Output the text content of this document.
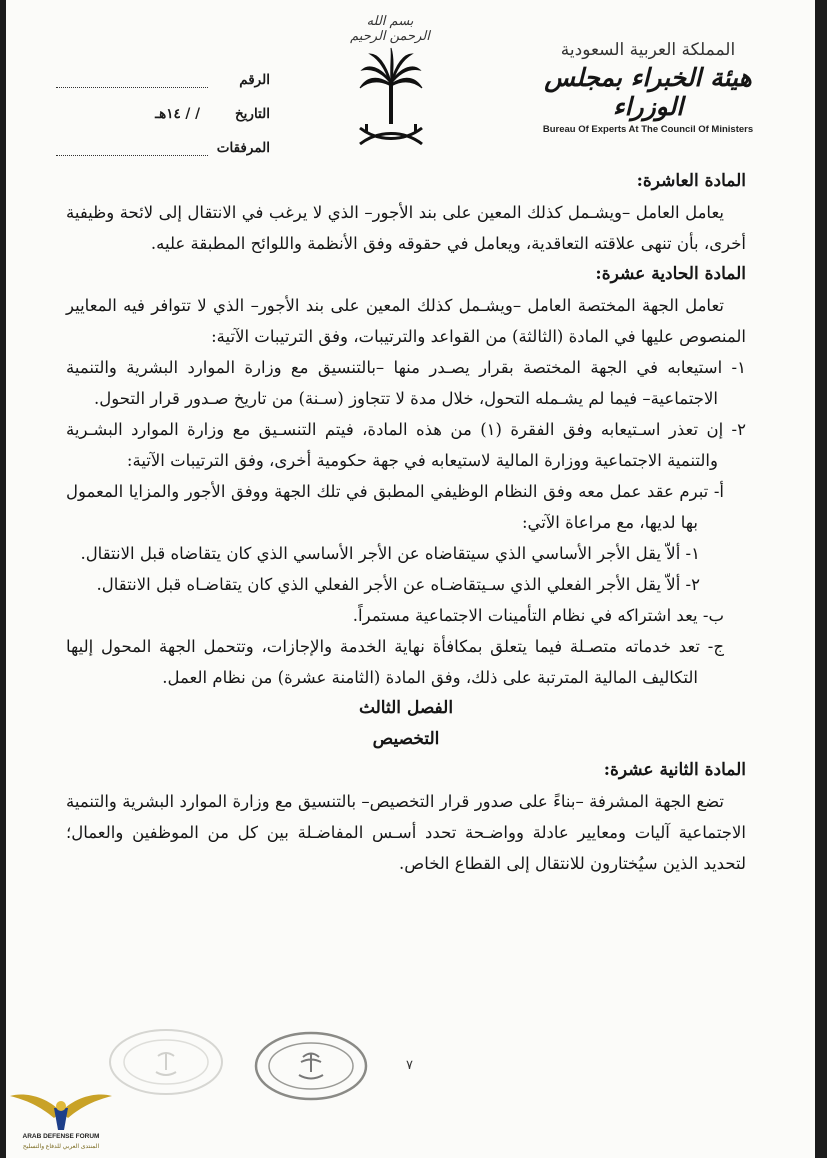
المملكة العربية السعودية
هيئة الخبراء بمجلس الوزراء
Bureau Of Experts At The Council Of Ministers
بسم الله الرحمن الرحيم
الرقم
التاريخ
/ / ١٤هـ
المرفقات

المادة العاشرة:

يعامل العامل –ويشـمل كذلك المعين على بند الأجور– الذي لا يرغب في الانتقال إلى لائحة وظيفية أخرى، بأن تنهى علاقته التعاقدية، ويعامل في حقوقه وفق الأنظمة واللوائح المطبقة عليه.

المادة الحادية عشرة:

تعامل الجهة المختصة العامل –ويشـمل كذلك المعين على بند الأجور– الذي لا تتوافر فيه المعايير المنصوص عليها في المادة (الثالثة) من القواعد والترتيبات، وفق الترتيبات الآتية:

١- استيعابه في الجهة المختصة بقرار يصـدر منها –بالتنسيق مع وزارة الموارد البشرية والتنمية الاجتماعية– فيما لم يشـمله التحول، خلال مدة لا تتجاوز (سـنة) من تاريخ صـدور قرار التحول.

٢- إن تعذر اسـتيعابه وفق الفقرة (١) من هذه المادة، فيتم التنسـيق مع وزارة الموارد البشـرية والتنمية الاجتماعية ووزارة المالية لاستيعابه في جهة حكومية أخرى، وفق الترتيبات الآتية:

أ- تبرم عقد عمل معه وفق النظام الوظيفي المطبق في تلك الجهة ووفق الأجور والمزايا المعمول بها لديها، مع مراعاة الآتي:

١- ألاّ يقل الأجر الأساسي الذي سيتقاضاه عن الأجر الأساسي الذي كان يتقاضاه قبل الانتقال.

٢- ألاّ يقل الأجر الفعلي الذي سـيتقاضـاه عن الأجر الفعلي الذي كان يتقاضـاه قبل الانتقال.

ب- يعد اشتراكه في نظام التأمينات الاجتماعية مستمراً.

ج- تعد خدماته متصـلة فيما يتعلق بمكافأة نهاية الخدمة والإجازات، وتتحمل الجهة المحول إليها التكاليف المالية المترتبة على ذلك، وفق المادة (الثامنة عشرة) من نظام العمل.

الفصل الثالث

التخصيص

المادة الثانية عشرة:

تضع الجهة المشرفة –بناءً على صدور قرار التخصيص– بالتنسيق مع وزارة الموارد البشرية والتنمية الاجتماعية آليات ومعايير عادلة وواضـحة تحدد أسـس المفاضـلة بين كل من الموظفين والعمال؛ لتحديد الذين سيُختارون للانتقال إلى القطاع الخاص.

٧
ARAB DEFENSE FORUM
المنتدى العربي للدفاع والتسليح
